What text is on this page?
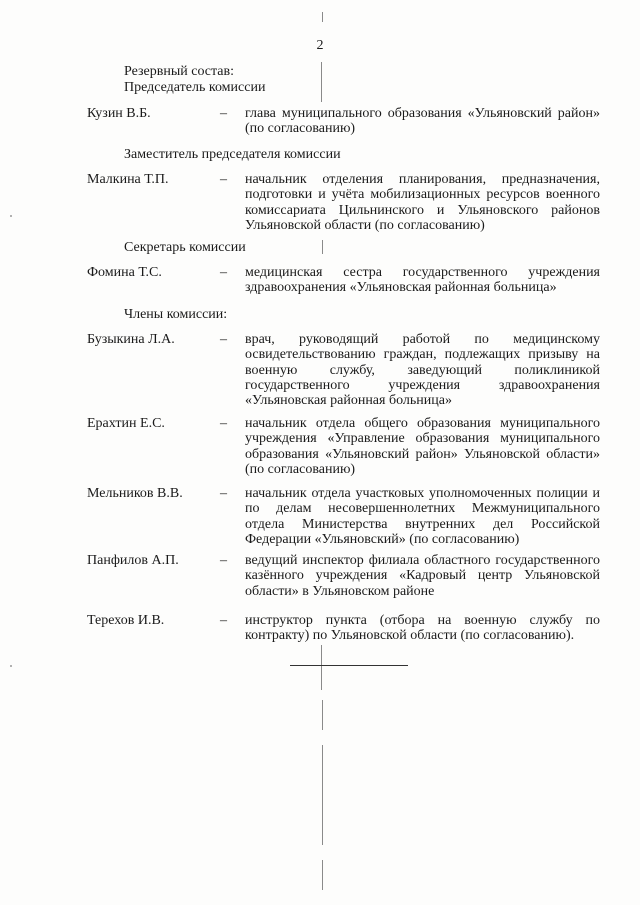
2
Резервный состав:
Председатель комиссии
Кузин В.Б.	– глава муниципального образования «Ульяновский район» (по согласованию)
Заместитель председателя комиссии
Малкина Т.П.	– начальник отделения планирования, предназначения, подготовки и учёта мобилизационных ресурсов военного комиссариата Цильнинского и Ульяновского районов Ульяновской области (по согласованию)
Секретарь комиссии
Фомина Т.С.	– медицинская сестра государственного учреждения здравоохранения «Ульяновская районная больница»
Члены комиссии:
Бузыкина Л.А.	– врач, руководящий работой по медицинскому освидетельствованию граждан, подлежащих призыву на военную службу, заведующий поликлиникой государственного учреждения здравоохранения «Ульяновская районная больница»
Ерахтин Е.С.	– начальник отдела общего образования муниципального учреждения «Управление образования муниципального образования «Ульяновский район» Ульяновской области» (по согласованию)
Мельников В.В.	– начальник отдела участковых уполномоченных полиции и по делам несовершеннолетних Межмуниципального отдела Министерства внутренних дел Российской Федерации «Ульяновский» (по согласованию)
Панфилов А.П.	– ведущий инспектор филиала областного государственного казённого учреждения «Кадровый центр Ульяновской области» в Ульяновском районе
Терехов И.В.	– инструктор пункта (отбора на военную службу по контракту) по Ульяновской области (по согласованию).
